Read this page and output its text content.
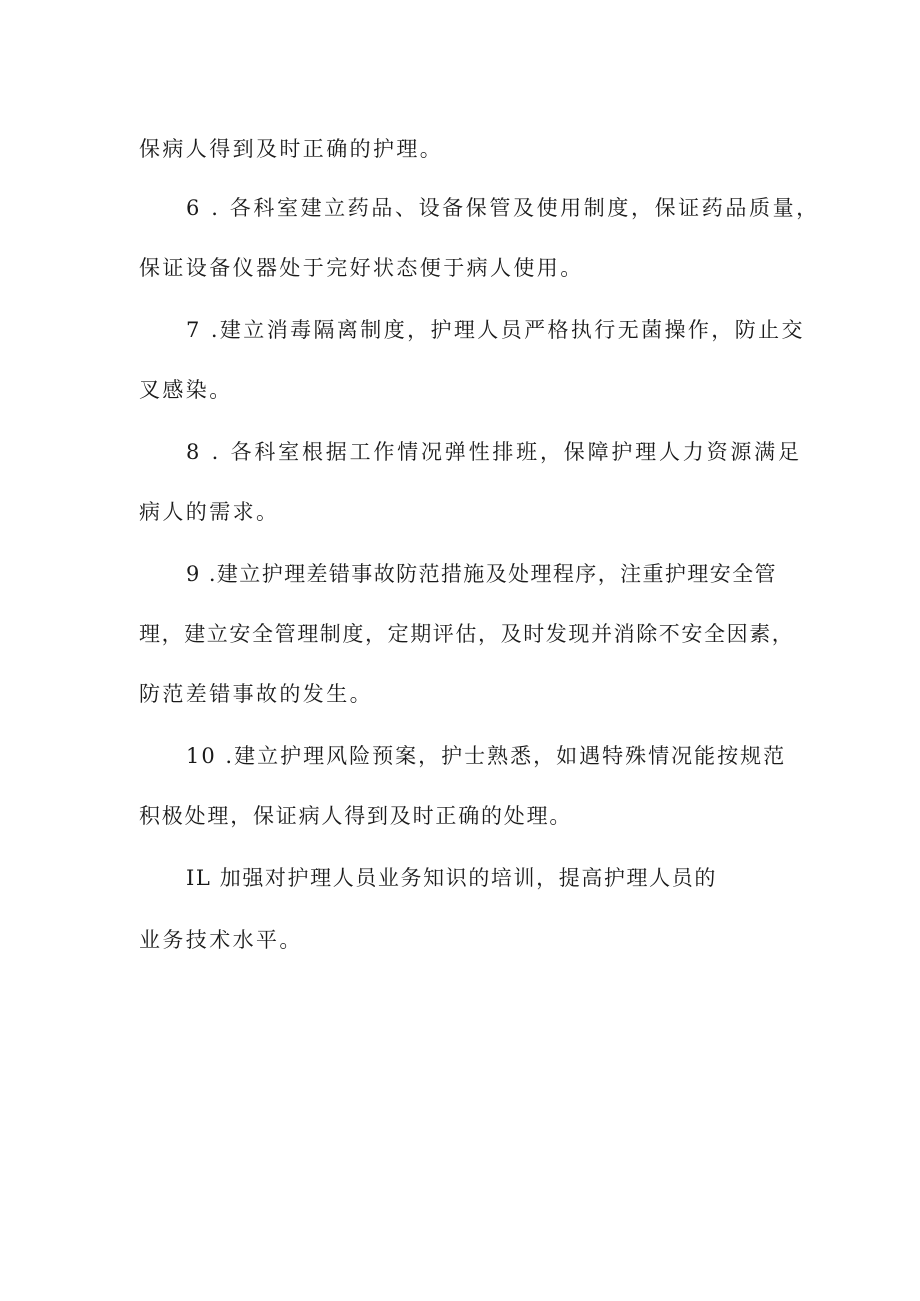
保病人得到及时正确的护理。
6 . 各科室建立药品、设备保管及使用制度，保证药品质量，
保证设备仪器处于完好状态便于病人使用。
7 .建立消毒隔离制度，护理人员严格执行无菌操作，防止交
叉感染。
8 . 各科室根据工作情况弹性排班，保障护理人力资源满足
病人的需求。
9 .建立护理差错事故防范措施及处理程序，注重护理安全管
理，建立安全管理制度，定期评估，及时发现并消除不安全因素，
防范差错事故的发生。
10 .建立护理风险预案，护士熟悉，如遇特殊情况能按规范
积极处理，保证病人得到及时正确的处理。
IL 加强对护理人员业务知识的培训，提高护理人员的
业务技术水平。
